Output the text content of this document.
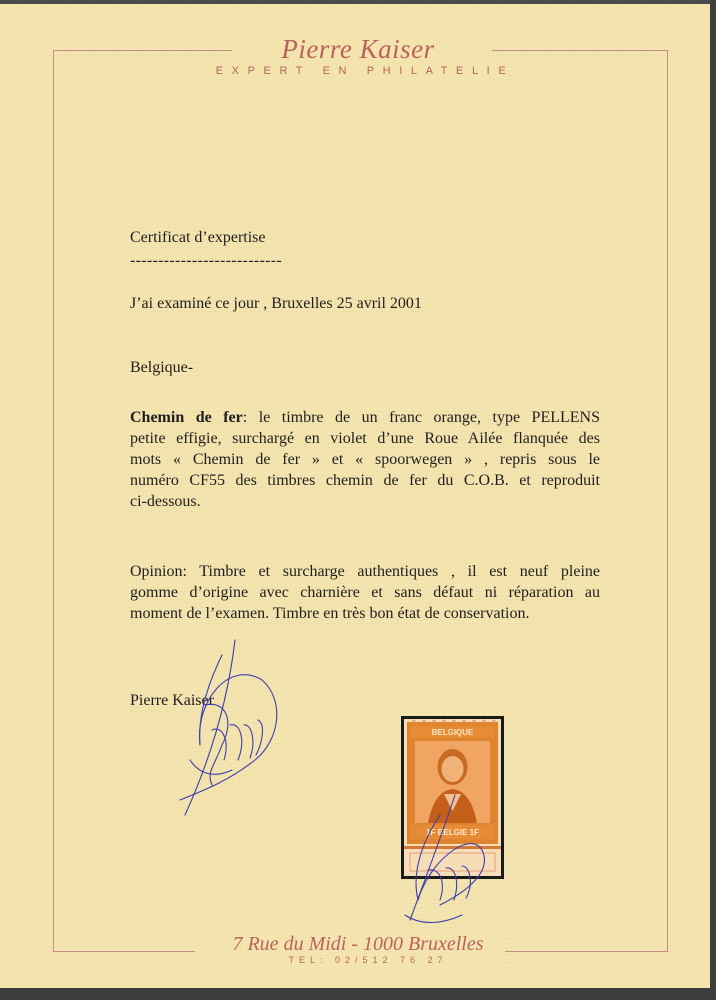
Pierre Kaiser
EXPERT EN PHILATELIE
Certificat d’expertise
---------------------------
J’ai examiné ce jour , Bruxelles 25 avril 2001
Belgique-
Chemin de fer: le timbre de un franc orange, type PELLENS
petite effigie, surchargé en violet d’une Roue Ailée flanquée des
mots « Chemin de fer » et « spoorwegen » , repris sous le
numéro CF55 des timbres chemin de fer du C.O.B. et reproduit
ci-dessous.
Opinion: Timbre et surcharge authentiques , il est neuf pleine
gomme d’origine avec charnière et sans défaut ni réparation au
moment de l’examen. Timbre en très bon état de conservation.
Pierre Kaiser
BELGIQUE
1F BELGIE 1F
7 Rue du Midi - 1000 Bruxelles
TEL: 02/512 76 27
